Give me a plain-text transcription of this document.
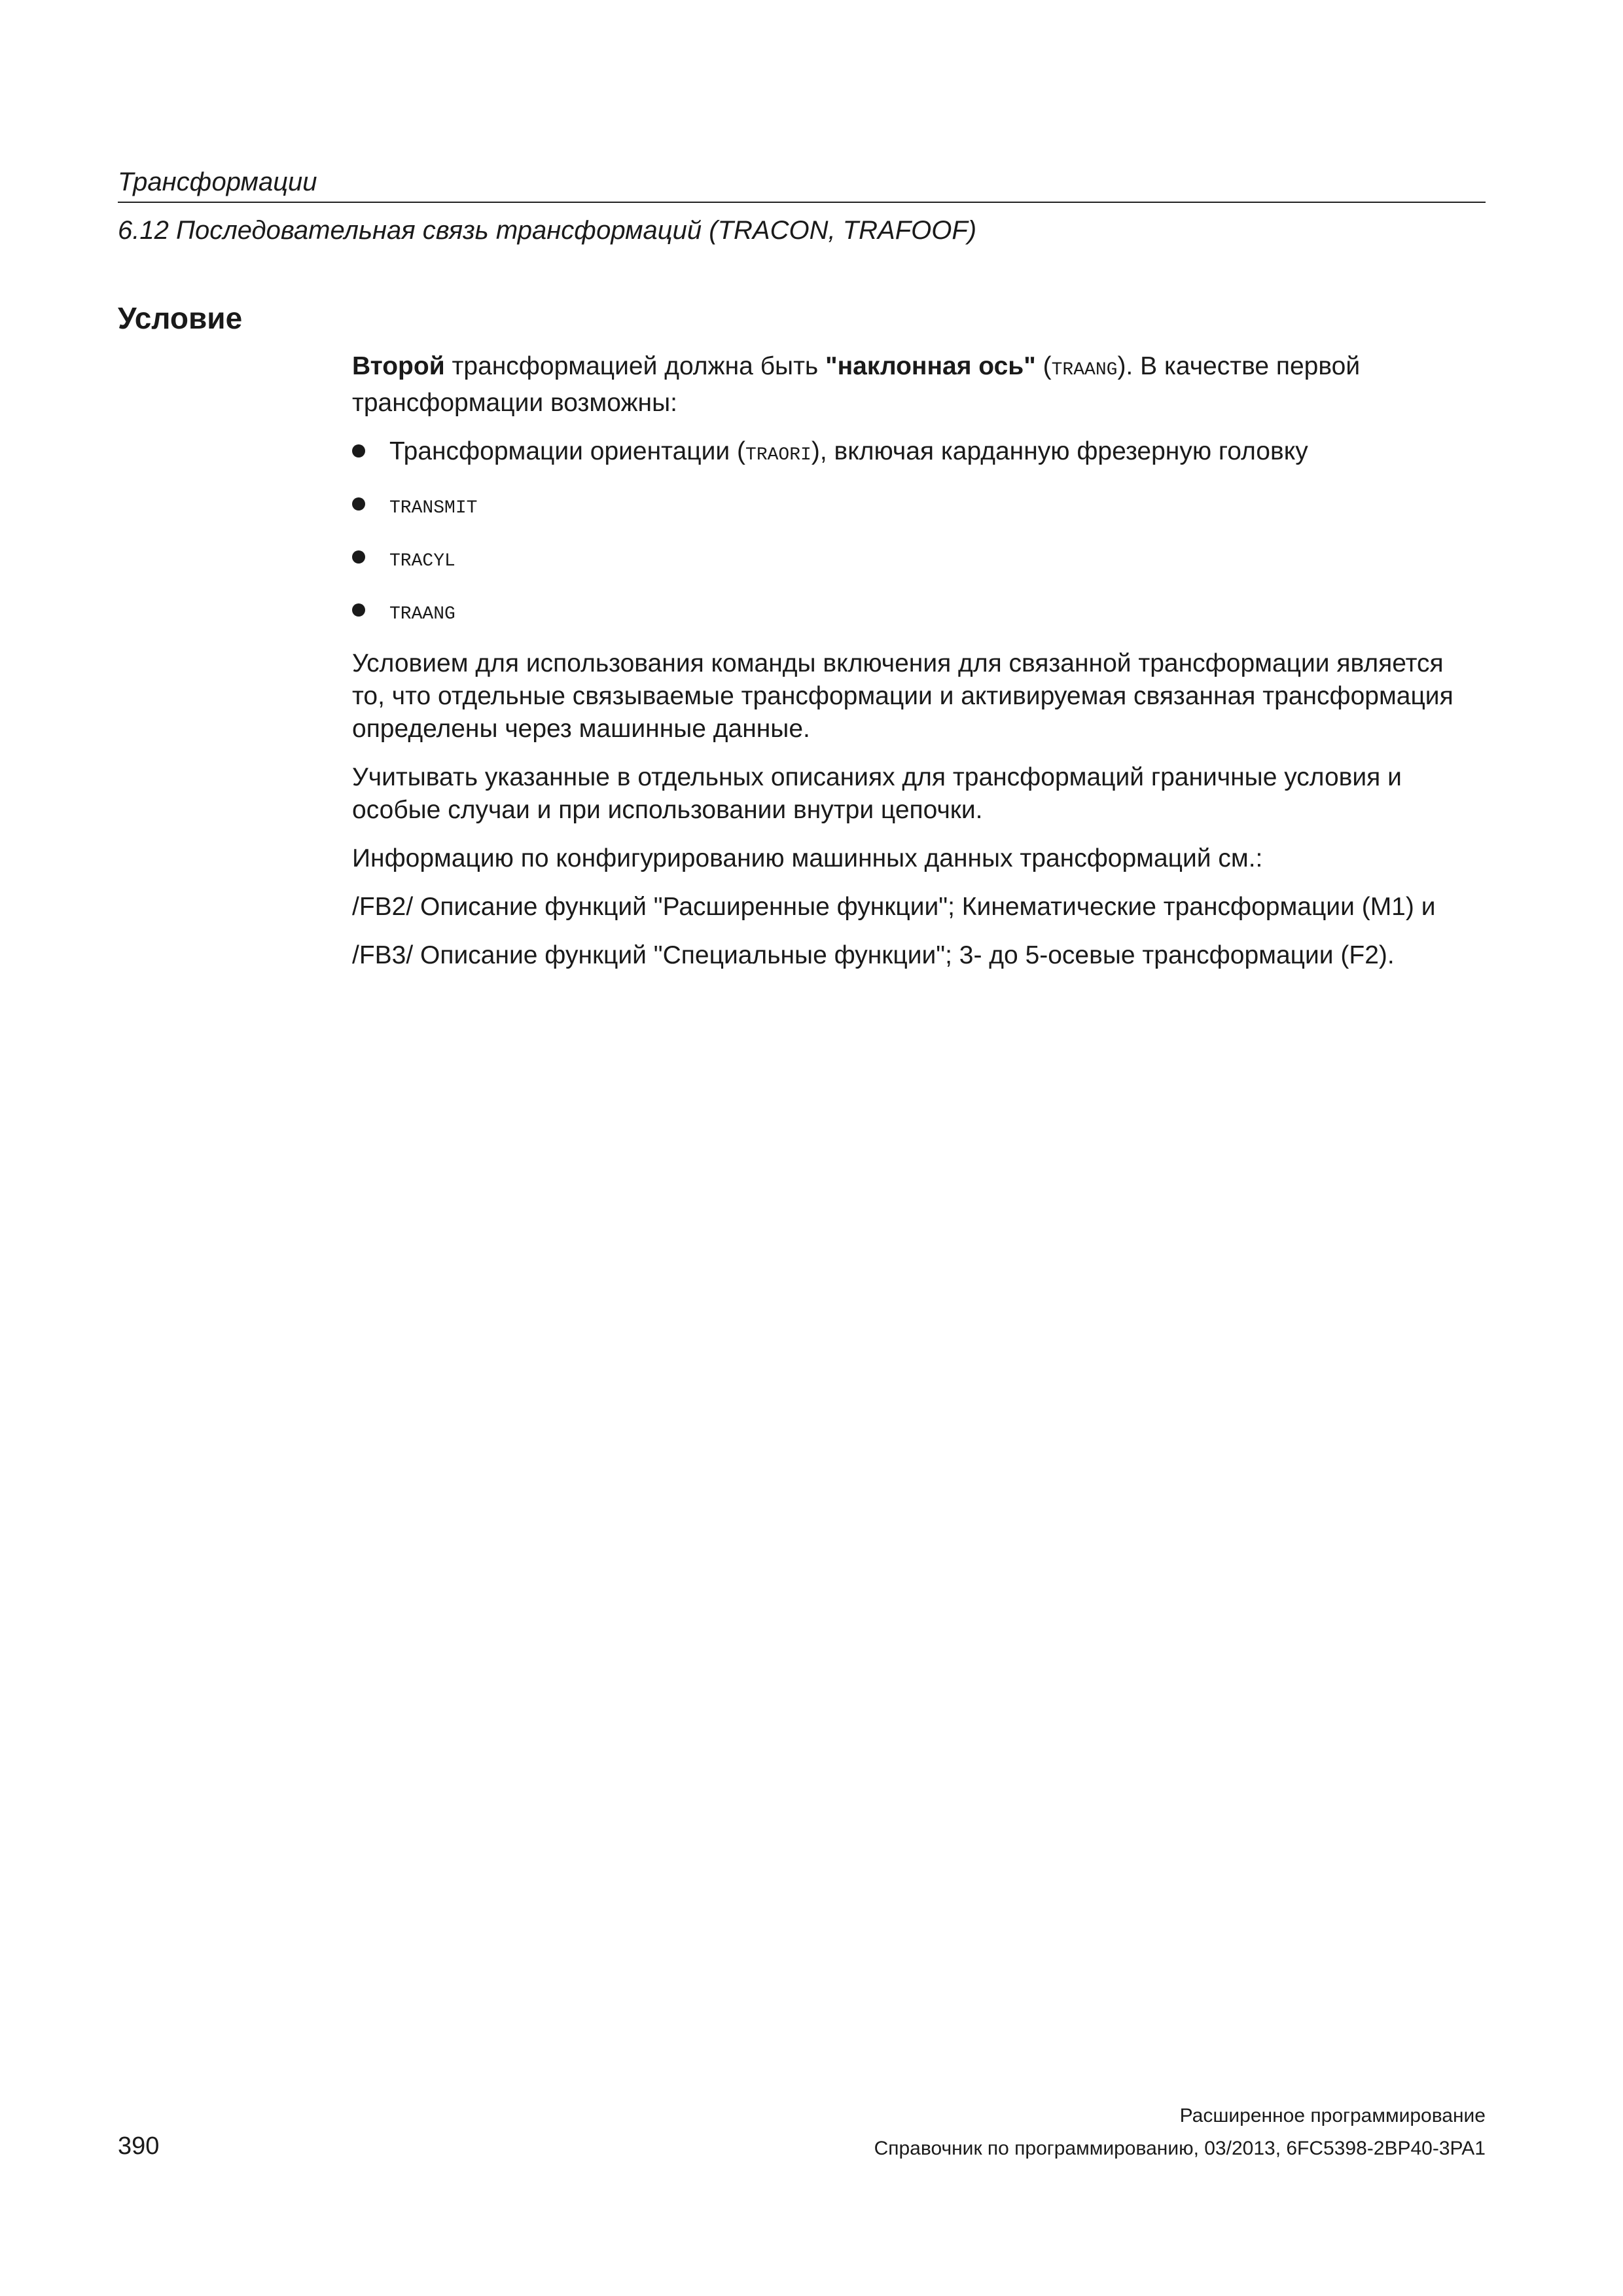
Трансформации
6.12 Последовательная связь трансформаций (TRACON, TRAFOOF)
Условие

Второй трансформацией должна быть "наклонная ось" (TRAANG). В качестве первой трансформации возможны:

Трансформации ориентации (TRAORI), включая карданную фрезерную головку
TRANSMIT
TRACYL
TRAANG

Условием для использования команды включения для связанной трансформации является то, что отдельные связываемые трансформации и активируемая связанная трансформация определены через машинные данные.

Учитывать указанные в отдельных описаниях для трансформаций граничные условия и особые случаи и при использовании внутри цепочки.

Информацию по конфигурированию машинных данных трансформаций см.:

/FB2/ Описание функций "Расширенные функции"; Кинематические трансформации (M1) и

/FB3/ Описание функций "Специальные функции"; 3- до 5-осевые трансформации (F2).

Расширенное программирование
390	Справочник по программированию, 03/2013, 6FC5398-2BP40-3PA1
